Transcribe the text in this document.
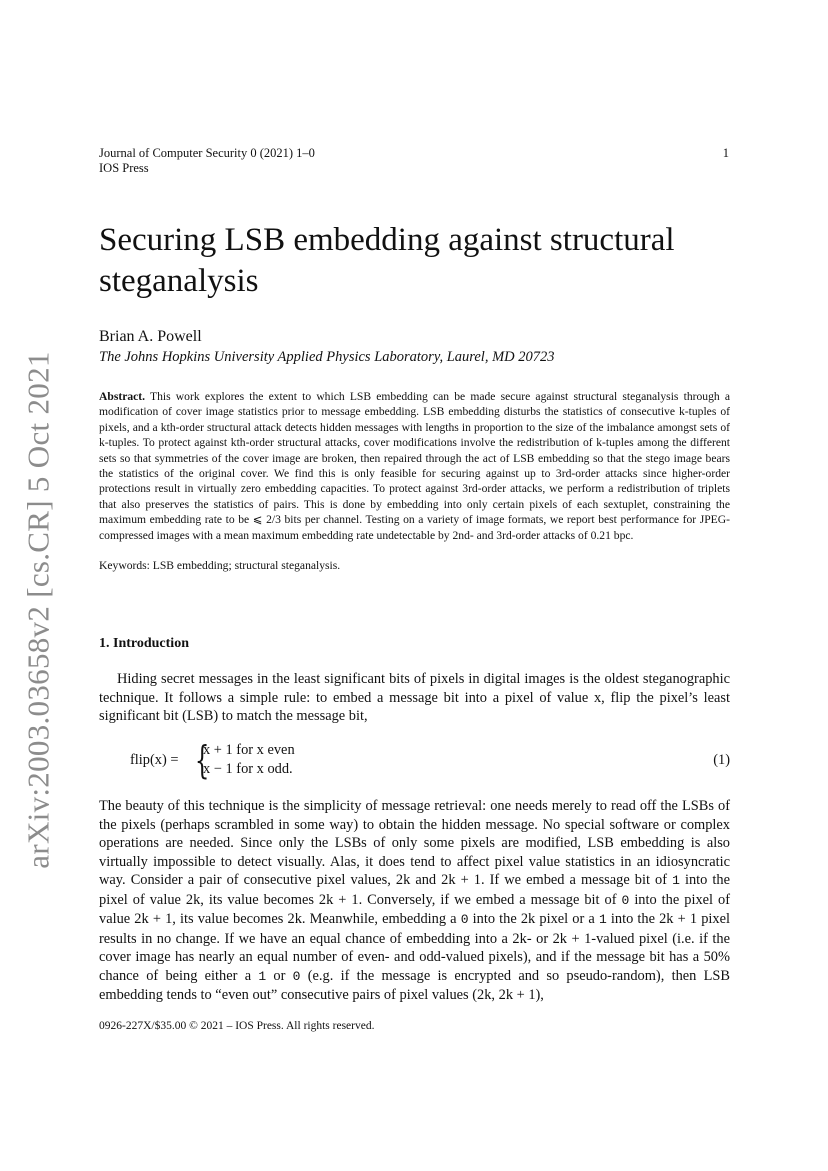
arXiv:2003.03658v2 [cs.CR] 5 Oct 2021
Journal of Computer Security 0 (2021) 1–0
IOS Press
1
Securing LSB embedding against structural steganalysis
Brian A. Powell
The Johns Hopkins University Applied Physics Laboratory, Laurel, MD 20723

Abstract. This work explores the extent to which LSB embedding can be made secure against structural steganalysis through a modification of cover image statistics prior to message embedding. LSB embedding disturbs the statistics of consecutive k-tuples of pixels, and a kth-order structural attack detects hidden messages with lengths in proportion to the size of the imbalance amongst sets of k-tuples. To protect against kth-order structural attacks, cover modifications involve the redistribution of k-tuples among the different sets so that symmetries of the cover image are broken, then repaired through the act of LSB embedding so that the stego image bears the statistics of the original cover. We find this is only feasible for securing against up to 3rd-order attacks since higher-order protections result in virtually zero embedding capacities. To protect against 3rd-order attacks, we perform a redistribution of triplets that also preserves the statistics of pairs. This is done by embedding into only certain pixels of each sextuplet, constraining the maximum embedding rate to be ⩽ 2/3 bits per channel. Testing on a variety of image formats, we report best performance for JPEG-compressed images with a mean maximum embedding rate undetectable by 2nd- and 3rd-order attacks of 0.21 bpc.

Keywords: LSB embedding; structural steganalysis.
1. Introduction

Hiding secret messages in the least significant bits of pixels in digital images is the oldest steganographic technique. It follows a simple rule: to embed a message bit into a pixel of value x, flip the pixel’s least significant bit (LSB) to match the message bit,

flip(x) = {
x + 1 for x even
x − 1 for x odd.
(1)

The beauty of this technique is the simplicity of message retrieval: one needs merely to read off the LSBs of the pixels (perhaps scrambled in some way) to obtain the hidden message. No special software or complex operations are needed. Since only the LSBs of only some pixels are modified, LSB embedding is also virtually impossible to detect visually. Alas, it does tend to affect pixel value statistics in an idiosyncratic way. Consider a pair of consecutive pixel values, 2k and 2k + 1. If we embed a message bit of 1 into the pixel of value 2k, its value becomes 2k + 1. Conversely, if we embed a message bit of 0 into the pixel of value 2k + 1, its value becomes 2k. Meanwhile, embedding a 0 into the 2k pixel or a 1 into the 2k + 1 pixel results in no change. If we have an equal chance of embedding into a 2k- or 2k + 1-valued pixel (i.e. if the cover image has nearly an equal number of even- and odd-valued pixels), and if the message bit has a 50% chance of being either a 1 or 0 (e.g. if the message is encrypted and so pseudo-random), then LSB embedding tends to “even out” consecutive pairs of pixel values (2k, 2k + 1),

0926-227X/$35.00 © 2021 – IOS Press. All rights reserved.
